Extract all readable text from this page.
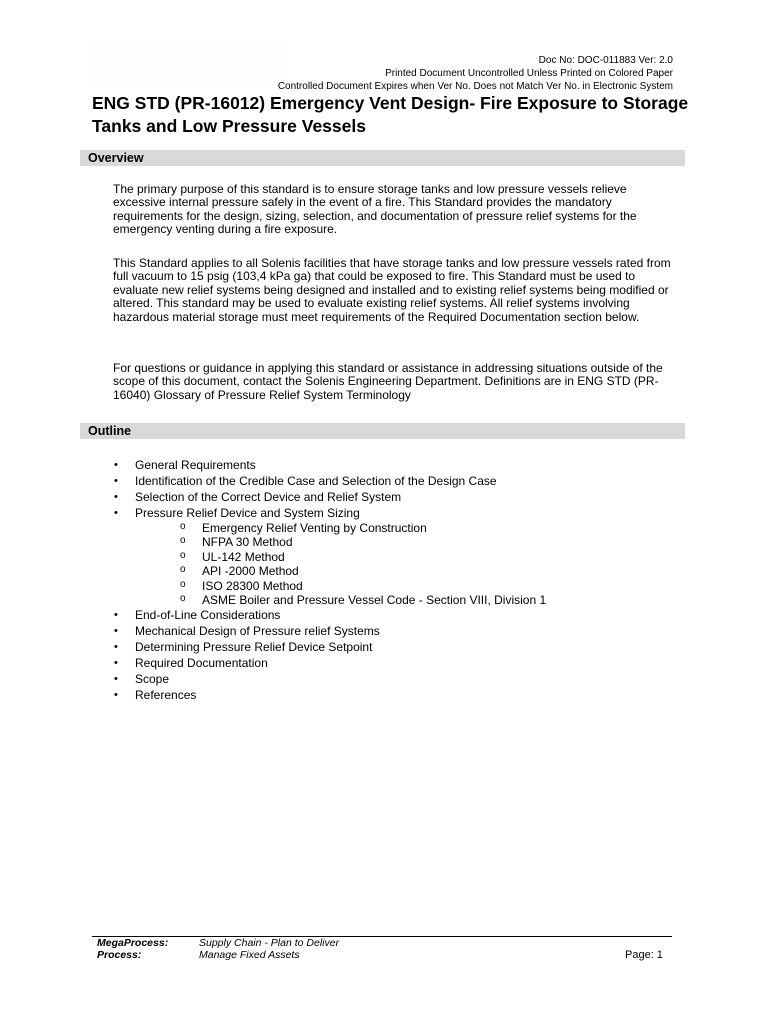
Doc No: DOC-011883 Ver: 2.0
Printed Document Uncontrolled Unless Printed on Colored Paper
Controlled Document Expires when Ver No. Does not Match Ver No. in Electronic System
ENG STD (PR-16012) Emergency Vent Design- Fire Exposure to Storage Tanks and Low Pressure Vessels
Overview

The primary purpose of this standard is to ensure storage tanks and low pressure vessels relieve excessive internal pressure safely in the event of a fire. This Standard provides the mandatory requirements for the design, sizing, selection, and documentation of pressure relief systems for the emergency venting during a fire exposure.

This Standard applies to all Solenis facilities that have storage tanks and low pressure vessels rated from full vacuum to 15 psig (103,4 kPa ga) that could be exposed to fire. This Standard must be used to evaluate new relief systems being designed and installed and to existing relief systems being modified or altered. This standard may be used to evaluate existing relief systems. All relief systems involving hazardous material storage must meet requirements of the Required Documentation section below.

For questions or guidance in applying this standard or assistance in addressing situations outside of the scope of this document, contact the Solenis Engineering Department. Definitions are in ENG STD (PR-16040) Glossary of Pressure Relief System Terminology

Outline
• General Requirements
• Identification of the Credible Case and Selection of the Design Case
• Selection of the Correct Device and Relief System
• Pressure Relief Device and System Sizing
o Emergency Relief Venting by Construction
o NFPA 30 Method
o UL-142 Method
o API -2000 Method
o ISO 28300 Method
o ASME Boiler and Pressure Vessel Code - Section VIII, Division 1
• End-of-Line Considerations
• Mechanical Design of Pressure relief Systems
• Determining Pressure Relief Device Setpoint
• Required Documentation
• Scope
• References
MegaProcess:
Process:
Supply Chain - Plan to Deliver
Manage Fixed Assets	Page: 1
